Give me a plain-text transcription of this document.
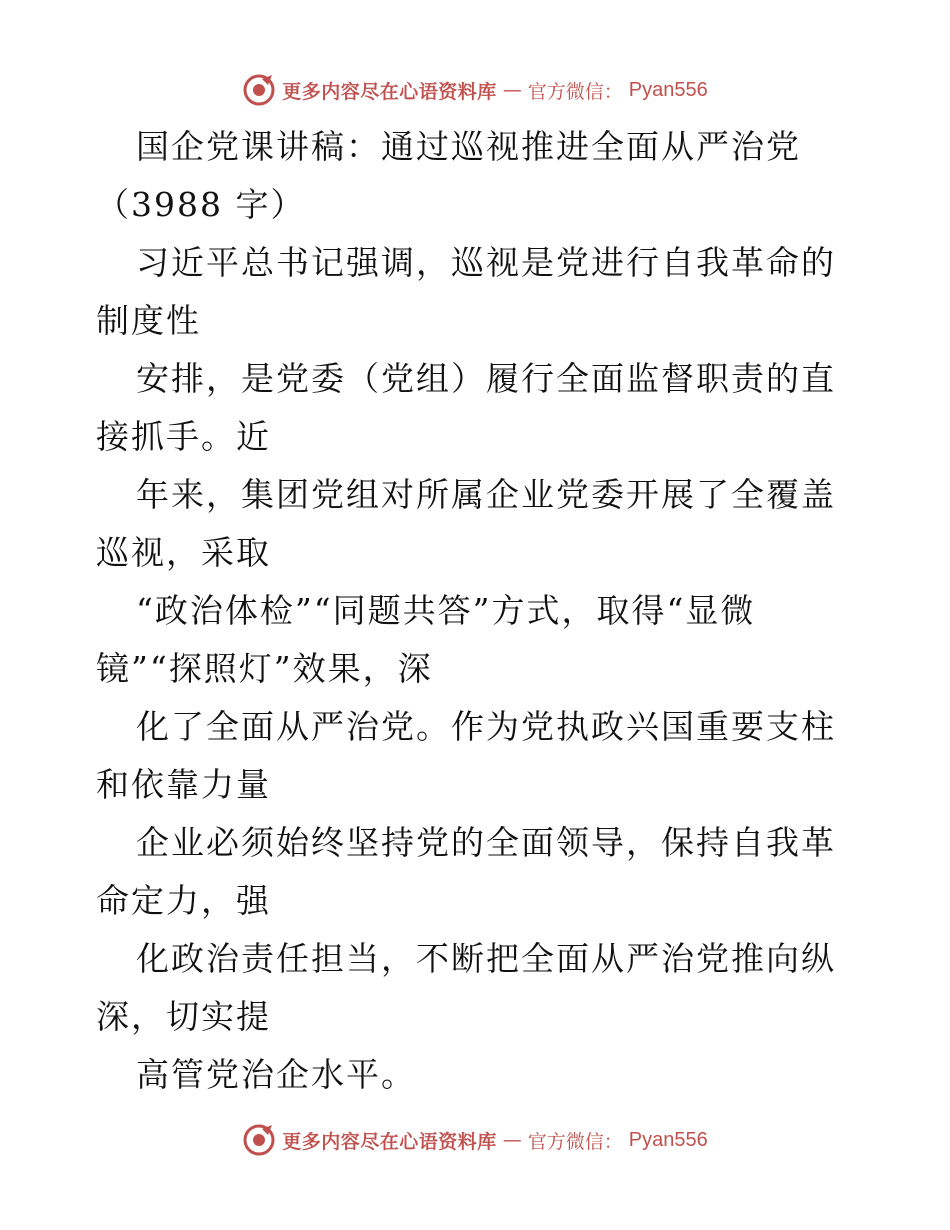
更多内容尽在心语资料库 — 官方微信： Pyan556

国企党课讲稿：通过巡视推进全面从严治党（3988 字）

习近平总书记强调，巡视是党进行自我革命的制度性

安排，是党委（党组）履行全面监督职责的直接抓手。近

年来，集团党组对所属企业党委开展了全覆盖巡视，采取

“政治体检”“同题共答”方式，取得“显微镜”“探照灯”效果，深

化了全面从严治党。作为党执政兴国重要支柱和依靠力量

企业必须始终坚持党的全面领导，保持自我革命定力，强

化政治责任担当，不断把全面从严治党推向纵深，切实提

高管党治企水平。

更多内容尽在心语资料库 — 官方微信： Pyan556
